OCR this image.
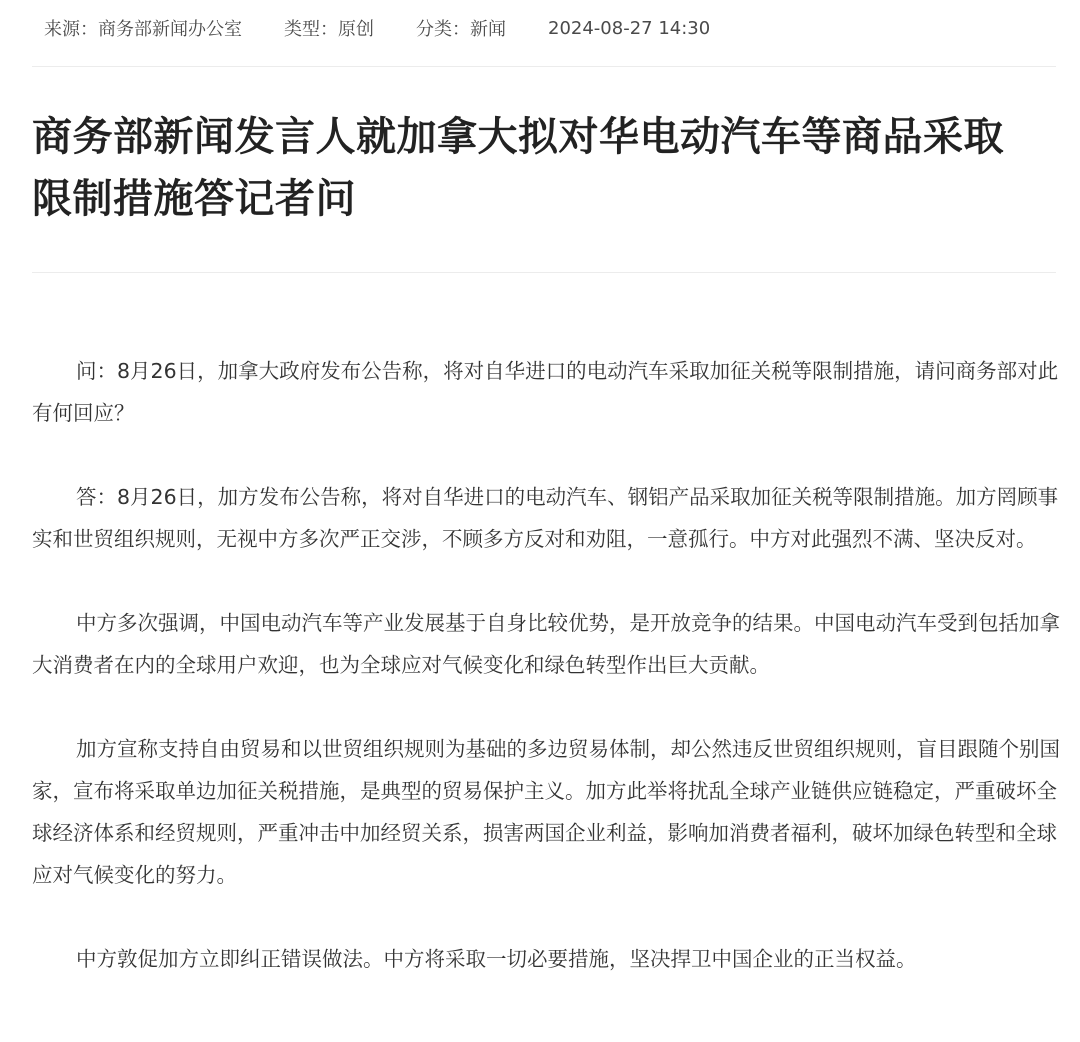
来源：商务部新闻办公室 类型：原创 分类：新闻 2024-08-27 14:30
商务部新闻发言人就加拿大拟对华电动汽车等商品采取限制措施答记者问

问：8月26日，加拿大政府发布公告称，将对自华进口的电动汽车采取加征关税等限制措施，请问商务部对此有何回应？

答：8月26日，加方发布公告称，将对自华进口的电动汽车、钢铝产品采取加征关税等限制措施。加方罔顾事实和世贸组织规则，无视中方多次严正交涉，不顾多方反对和劝阻，一意孤行。中方对此强烈不满、坚决反对。

中方多次强调，中国电动汽车等产业发展基于自身比较优势，是开放竞争的结果。中国电动汽车受到包括加拿大消费者在内的全球用户欢迎，也为全球应对气候变化和绿色转型作出巨大贡献。

加方宣称支持自由贸易和以世贸组织规则为基础的多边贸易体制，却公然违反世贸组织规则，盲目跟随个别国家，宣布将采取单边加征关税措施，是典型的贸易保护主义。加方此举将扰乱全球产业链供应链稳定，严重破坏全球经济体系和经贸规则，严重冲击中加经贸关系，损害两国企业利益，影响加消费者福利，破坏加绿色转型和全球应对气候变化的努力。

中方敦促加方立即纠正错误做法。中方将采取一切必要措施，坚决捍卫中国企业的正当权益。
